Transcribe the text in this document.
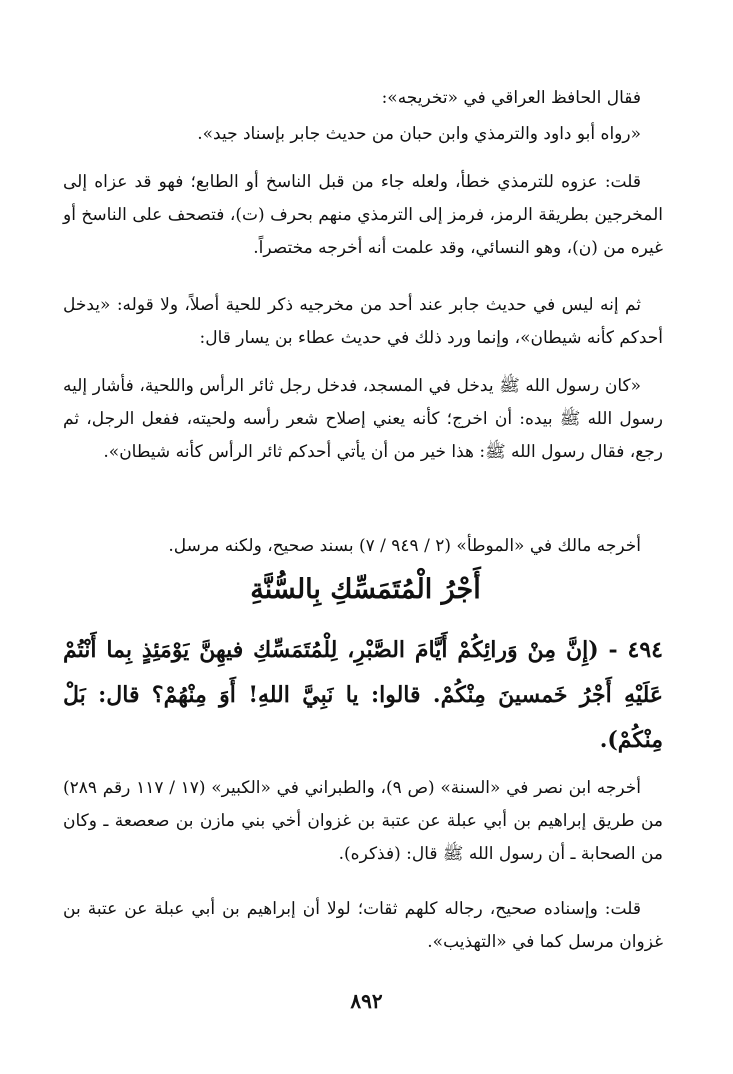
فقال الحافظ العراقي في «تخريجه»:

«رواه أبو داود والترمذي وابن حبان من حديث جابر بإسناد جيد».

قلت: عزوه للترمذي خطأ، ولعله جاء من قبل الناسخ أو الطابع؛ فهو قد عزاه إلى المخرجين بطريقة الرمز، فرمز إلى الترمذي منهم بحرف (ت)، فتصحف على الناسخ أو غيره من (ن)، وهو النسائي، وقد علمت أنه أخرجه مختصراً.

ثم إنه ليس في حديث جابر عند أحد من مخرجيه ذكر للحية أصلاً، ولا قوله: «يدخل أحدكم كأنه شيطان»، وإنما ورد ذلك في حديث عطاء بن يسار قال:

«كان رسول الله ﷺ يدخل في المسجد، فدخل رجل ثائر الرأس واللحية، فأشار إليه رسول الله ﷺ بيده: أن اخرج؛ كأنه يعني إصلاح شعر رأسه ولحيته، ففعل الرجل، ثم رجع، فقال رسول الله ﷺ: هذا خير من أن يأتي أحدكم ثائر الرأس كأنه شيطان».

أخرجه مالك في «الموطأ» (٢ / ٩٤٩ / ٧) بسند صحيح، ولكنه مرسل.

أَجْرُ الْمُتَمَسِّكِ بِالسُّنَّةِ

٤٩٤ - (إِنَّ مِنْ وَرائِكُمْ أَيَّامَ الصَّبْرِ، لِلْمُتَمَسِّكِ فيهِنَّ يَوْمَئِذٍ بِما أَنْتُمْ عَلَيْهِ أَجْرُ خَمسينَ مِنْكُمْ. قالوا: يا نَبِيَّ اللهِ! أَوَ مِنْهُمْ؟ قال: بَلْ مِنْكُمْ).

أخرجه ابن نصر في «السنة» (ص ٩)، والطبراني في «الكبير» (١٧ / ١١٧ رقم ٢٨٩) من طريق إبراهيم بن أبي عبلة عن عتبة بن غزوان أخي بني مازن بن صعصعة ـ وكان من الصحابة ـ أن رسول الله ﷺ قال: (فذكره).

قلت: وإسناده صحيح، رجاله كلهم ثقات؛ لولا أن إبراهيم بن أبي عبلة عن عتبة بن غزوان مرسل كما في «التهذيب».

٨٩٢
